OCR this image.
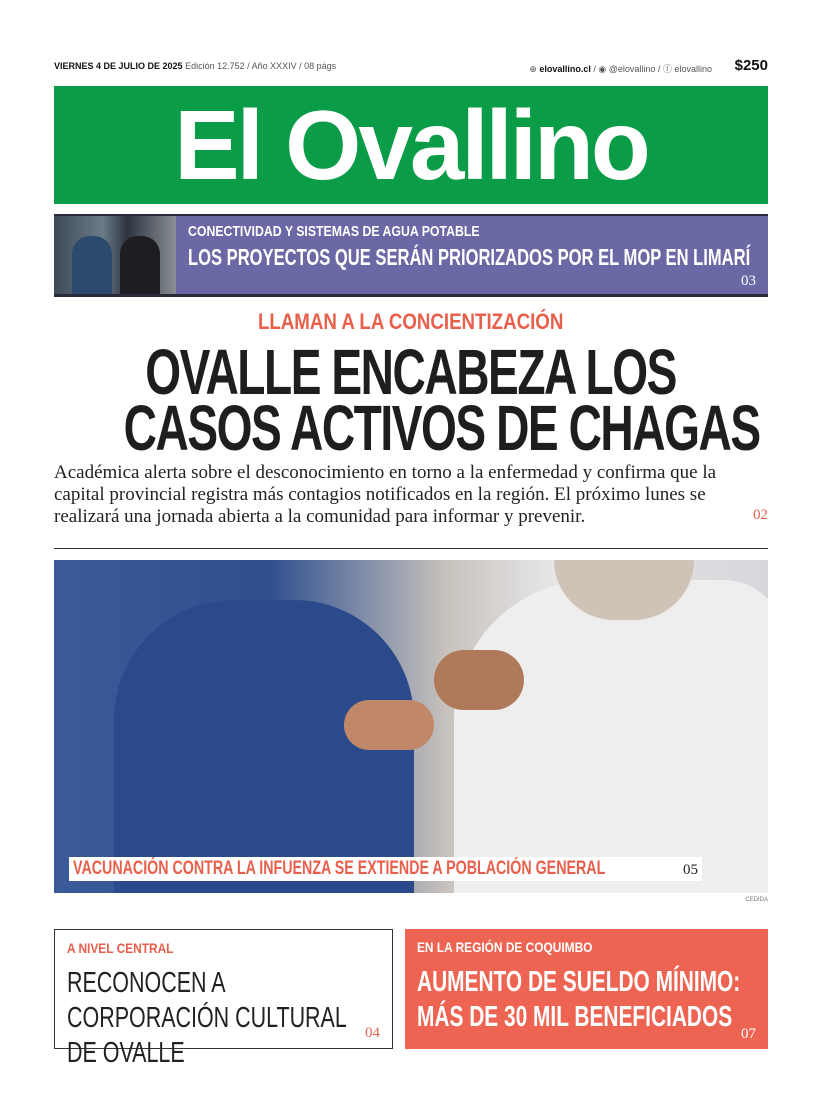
VIERNES 4 DE JULIO DE 2025 Edición 12.752 / Año XXXIV / 08 págs	⊕ elovallino.cl / ◉ @elovallino / ⓕ elovallino $250
El Ovallino
CONECTIVIDAD Y SISTEMAS DE AGUA POTABLE
LOS PROYECTOS QUE SERÁN PRIORIZADOS POR EL MOP EN LIMARÍ
03
LLAMAN A LA CONCIENTIZACIÓN
OVALLE ENCABEZA LOS
CASOS ACTIVOS DE CHAGAS
Académica alerta sobre el desconocimiento en torno a la enfermedad y confirma que la capital provincial registra más contagios notificados en la región. El próximo lunes se realizará una jornada abierta a la comunidad para informar y prevenir.	02
VACUNACIÓN CONTRA LA INFUENZA SE EXTIENDE A POBLACIÓN GENERAL	05
CEDIDA
A NIVEL CENTRAL
RECONOCEN A CORPORACIÓN CULTURAL DE OVALLE
04
EN LA REGIÓN DE COQUIMBO
AUMENTO DE SUELDO MÍNIMO: MÁS DE 30 MIL BENEFICIADOS
07
